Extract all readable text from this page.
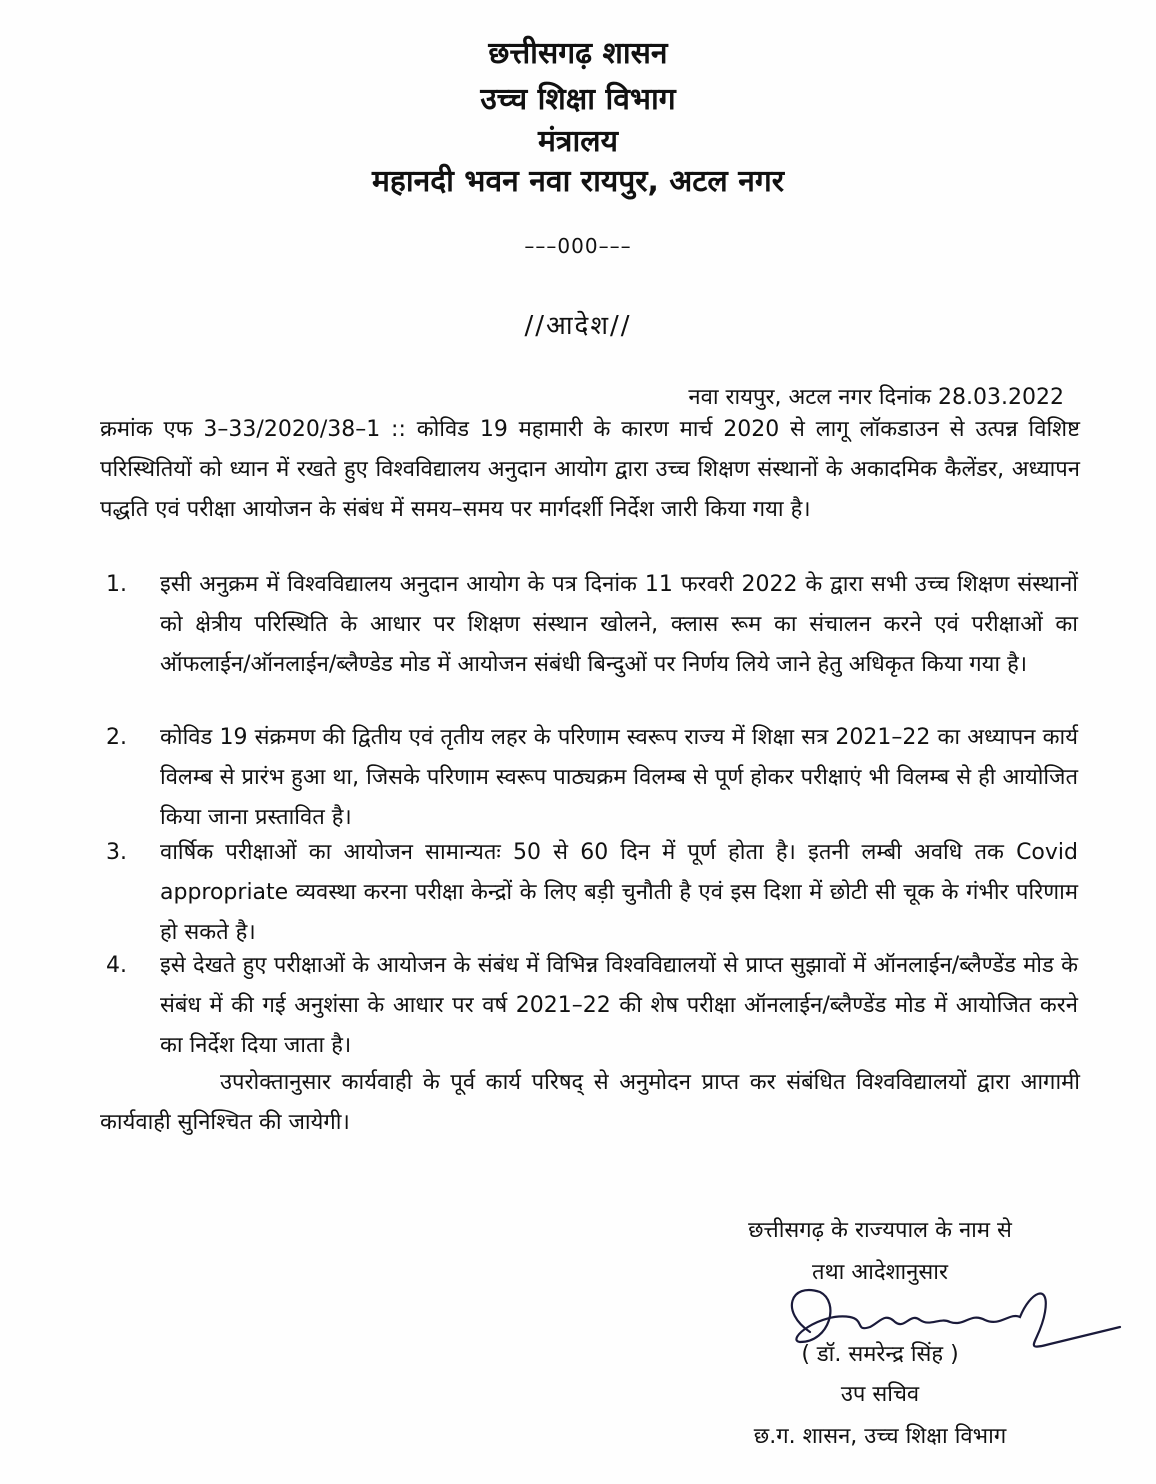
छत्तीसगढ़ शासन
उच्च शिक्षा विभाग
मंत्रालय
महानदी भवन नवा रायपुर, अटल नगर
–––000–––
//आदेश//
नवा रायपुर, अटल नगर दिनांक 28.03.2022
क्रमांक एफ 3–33/2020/38–1 :: कोविड 19 महामारी के कारण मार्च 2020 से लागू लॉकडाउन से उत्पन्न विशिष्ट परिस्थितियों को ध्यान में रखते हुए विश्वविद्यालय अनुदान आयोग द्वारा उच्च शिक्षण संस्थानों के अकादमिक कैलेंडर, अध्यापन पद्धति एवं परीक्षा आयोजन के संबंध में समय–समय पर मार्गदर्शी निर्देश जारी किया गया है।
1.	इसी अनुक्रम में विश्वविद्यालय अनुदान आयोग के पत्र दिनांक 11 फरवरी 2022 के द्वारा सभी उच्च शिक्षण संस्थानों को क्षेत्रीय परिस्थिति के आधार पर शिक्षण संस्थान खोलने, क्लास रूम का संचालन करने एवं परीक्षाओं का ऑफलाईन/ऑनलाईन/ब्लैण्डेड मोड में आयोजन संबंधी बिन्दुओं पर निर्णय लिये जाने हेतु अधिकृत किया गया है।
2.	कोविड 19 संक्रमण की द्वितीय एवं तृतीय लहर के परिणाम स्वरूप राज्य में शिक्षा सत्र 2021–22 का अध्यापन कार्य विलम्ब से प्रारंभ हुआ था, जिसके परिणाम स्वरूप पाठ्यक्रम विलम्ब से पूर्ण होकर परीक्षाएं भी विलम्ब से ही आयोजित किया जाना प्रस्तावित है।
3.	वार्षिक परीक्षाओं का आयोजन सामान्यतः 50 से 60 दिन में पूर्ण होता है। इतनी लम्बी अवधि तक Covid appropriate व्यवस्था करना परीक्षा केन्द्रों के लिए बड़ी चुनौती है एवं इस दिशा में छोटी सी चूक के गंभीर परिणाम हो सकते है।
4.	इसे देखते हुए परीक्षाओं के आयोजन के संबंध में विभिन्न विश्वविद्यालयों से प्राप्त सुझावों में ऑनलाईन/ब्लैण्डेंड मोड के संबंध में की गई अनुशंसा के आधार पर वर्ष 2021–22 की शेष परीक्षा ऑनलाईन/ब्लैण्डेंड मोड में आयोजित करने का निर्देश दिया जाता है।
उपरोक्तानुसार कार्यवाही के पूर्व कार्य परिषद् से अनुमोदन प्राप्त कर संबंधित विश्वविद्यालयों द्वारा आगामी कार्यवाही सुनिश्चित की जायेगी।
छत्तीसगढ़ के राज्यपाल के नाम से
तथा आदेशानुसार
( डॉ. समरेन्द्र सिंह )
उप सचिव
छ.ग. शासन, उच्च शिक्षा विभाग
